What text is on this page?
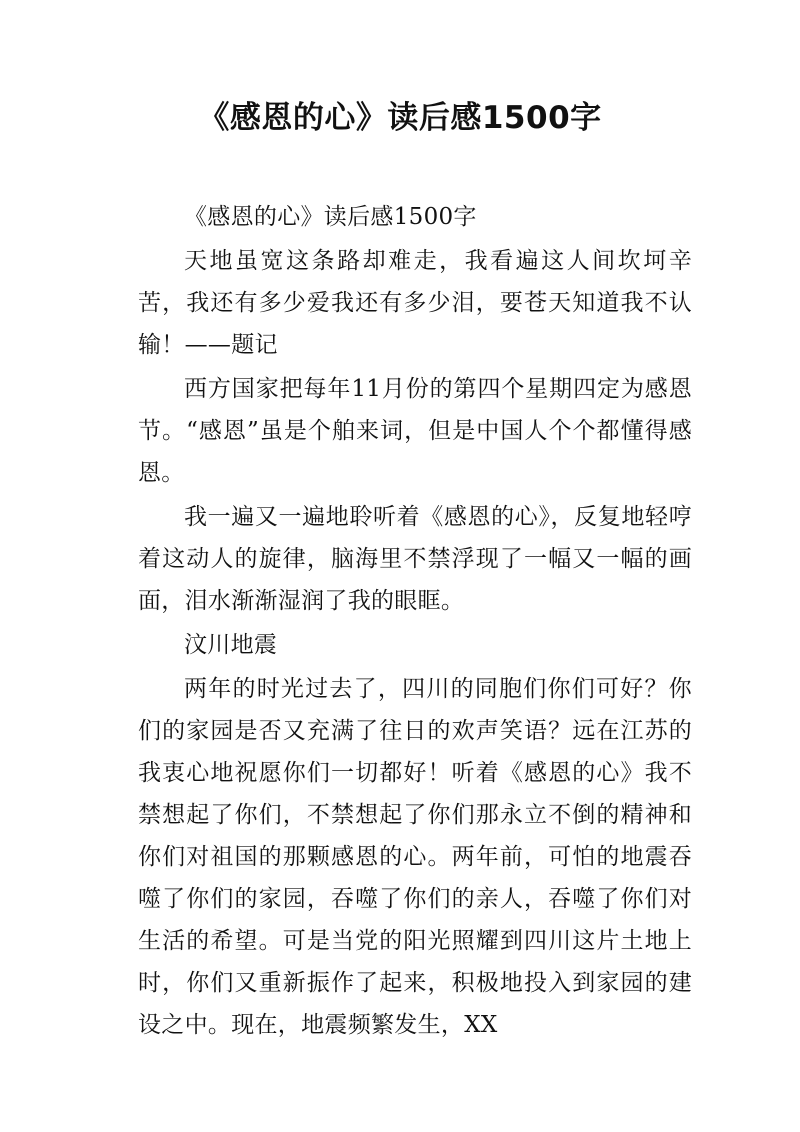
《感恩的心》读后感1500字

《感恩的心》读后感1500字

天地虽宽这条路却难走，我看遍这人间坎坷辛苦，我还有多少爱我还有多少泪，要苍天知道我不认输！——题记

西方国家把每年11月份的第四个星期四定为感恩节。“感恩”虽是个舶来词，但是中国人个个都懂得感恩。

我一遍又一遍地聆听着《感恩的心》，反复地轻哼着这动人的旋律，脑海里不禁浮现了一幅又一幅的画面，泪水渐渐湿润了我的眼眶。

汶川地震

两年的时光过去了，四川的同胞们你们可好？你们的家园是否又充满了往日的欢声笑语？远在江苏的我衷心地祝愿你们一切都好！听着《感恩的心》我不禁想起了你们，不禁想起了你们那永立不倒的精神和你们对祖国的那颗感恩的心。两年前，可怕的地震吞噬了你们的家园，吞噬了你们的亲人，吞噬了你们对生活的希望。可是当党的阳光照耀到四川这片土地上时，你们又重新振作了起来，积极地投入到家园的建设之中。现在，地震频繁发生，XX
